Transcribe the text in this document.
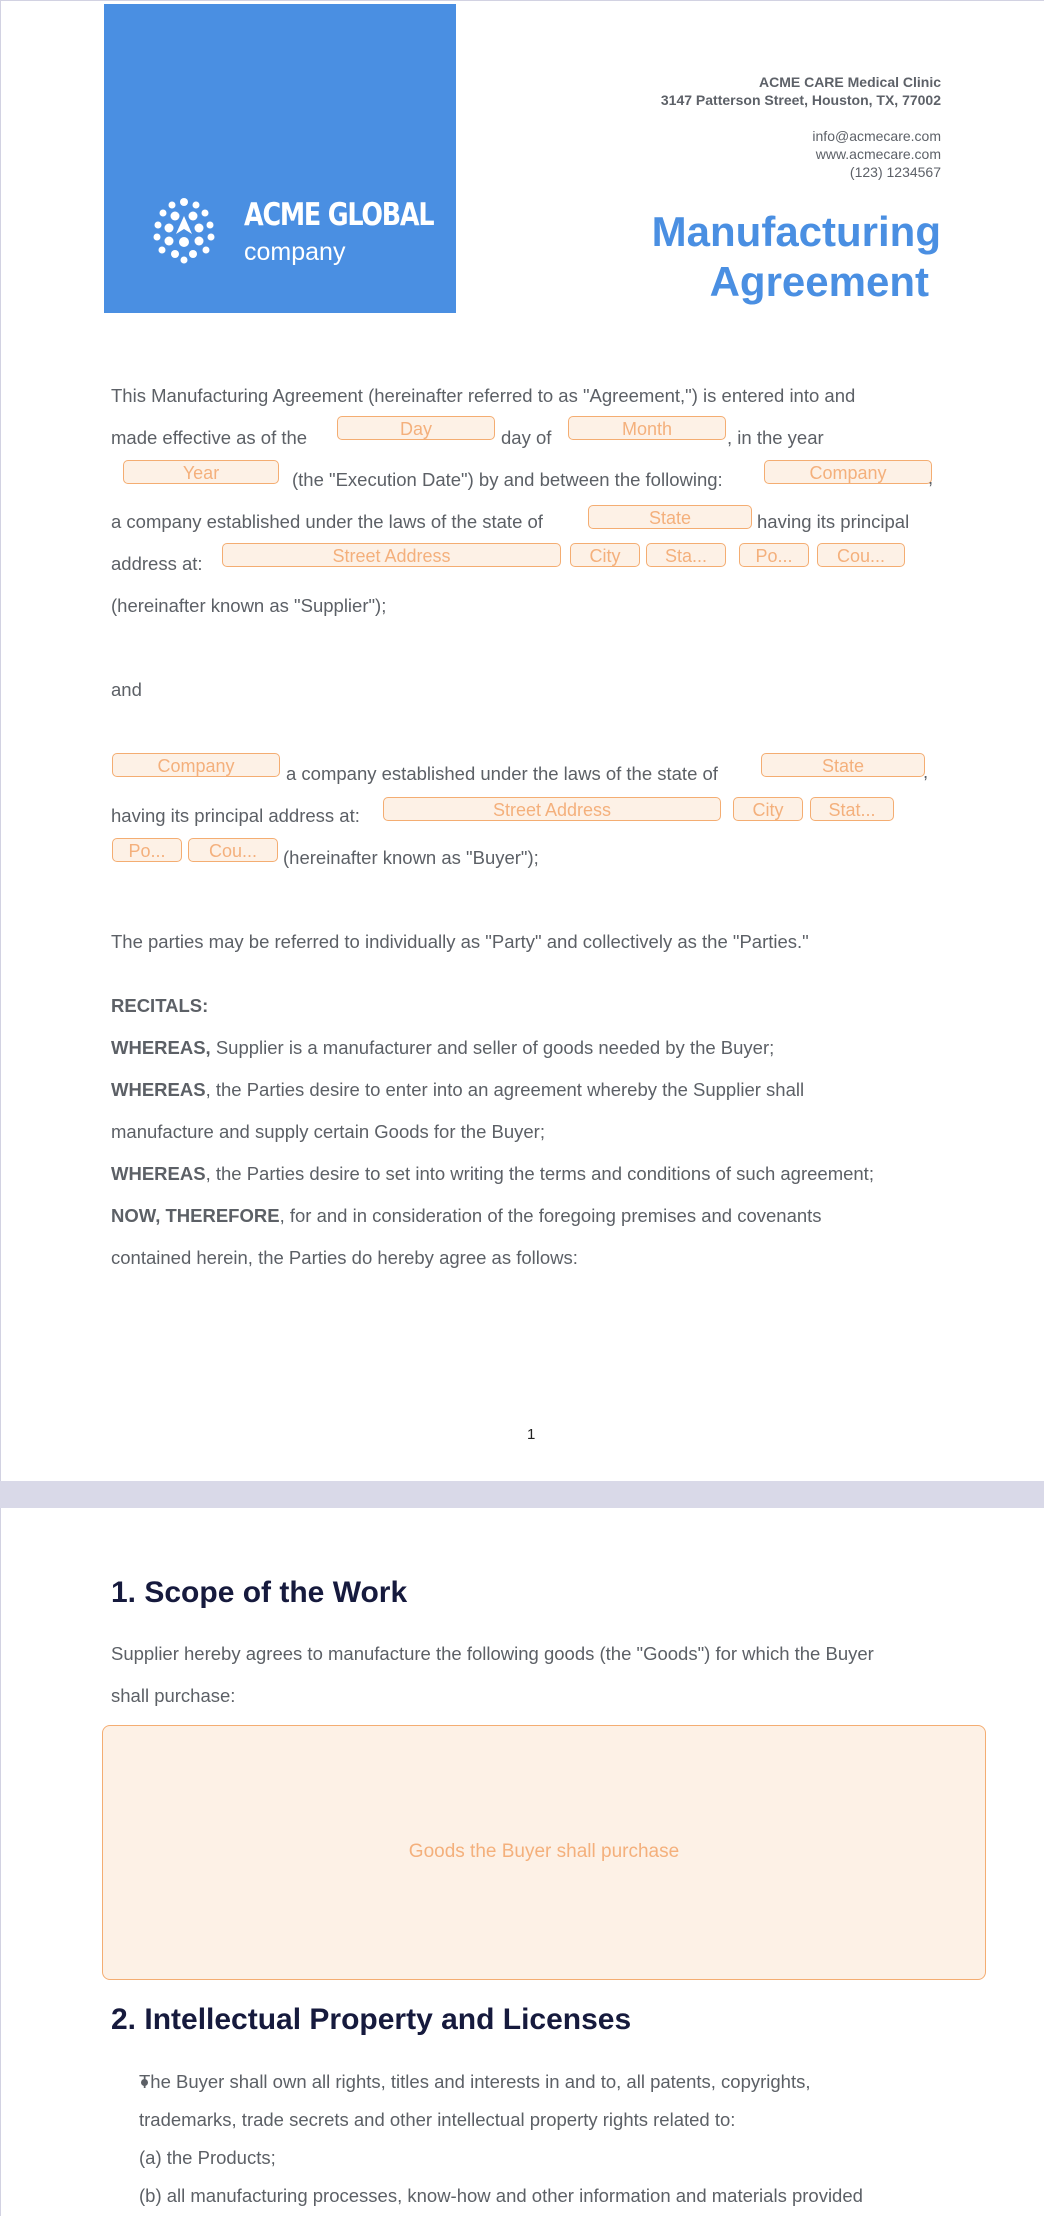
ACME GLOBAL
company
ACME CARE Medical Clinic
3147 Patterson Street, Houston, TX, 77002
info@acmecare.com
www.acmecare.com
(123) 1234567
Manufacturing

Agreement
This Manufacturing Agreement (hereinafter referred to as "Agreement,") is entered into and
made effective as of the	Day	day of	Month	, in the year
Year	(the "Execution Date") by and between the following:	Company	,
a company established under the laws of the state of	State	having its principal
address at:	Street Address	City	Sta...	Po...	Cou...
(hereinafter known as "Supplier");
and
Company	a company established under the laws of the state of	State	,
having its principal address at:	Street Address	City	Stat...
Po...	Cou...	(hereinafter known as "Buyer");
The parties may be referred to individually as "Party" and collectively as the "Parties."
RECITALS:
WHEREAS, Supplier is a manufacturer and seller of goods needed by the Buyer;
WHEREAS, the Parties desire to enter into an agreement whereby the Supplier shall
manufacture and supply certain Goods for the Buyer;
WHEREAS, the Parties desire to set into writing the terms and conditions of such agreement;
NOW, THEREFORE, for and in consideration of the foregoing premises and covenants
contained herein, the Parties do hereby agree as follows:
1
1. Scope of the Work
Supplier hereby agrees to manufacture the following goods (the "Goods") for which the Buyer
shall purchase:
Goods the Buyer shall purchase
2. Intellectual Property and Licenses
The Buyer shall own all rights, titles and interests in and to, all patents, copyrights,
trademarks, trade secrets and other intellectual property rights related to:
(a) the Products;
(b) all manufacturing processes, know-how and other information and materials provided
